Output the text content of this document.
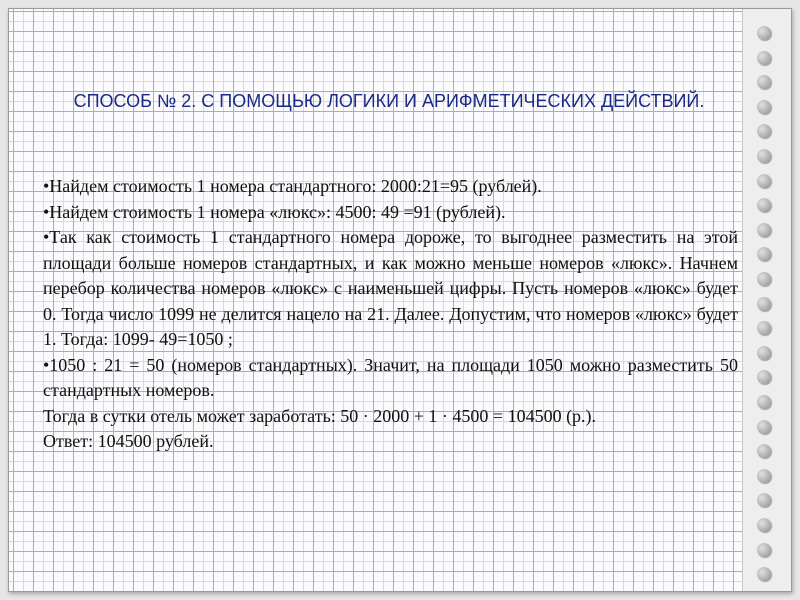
СПОСОБ № 2. С ПОМОЩЬЮ ЛОГИКИ И АРИФМЕТИЧЕСКИХ ДЕЙСТВИЙ.

•Найдем стоимость 1 номера стандартного: 2000:21=95 (рублей).

•Найдем стоимость 1 номера «люкс»: 4500: 49 =91 (рублей).

•Так как стоимость 1 стандартного номера дороже, то выгоднее разместить на этой площади больше номеров стандартных, и как можно меньше номеров «люкс». Начнем перебор количества номеров «люкс» с наименьшей цифры. Пусть номеров «люкс» будет 0. Тогда число 1099 не делится нацело на 21. Далее. Допустим, что номеров «люкс» будет 1. Тогда: 1099- 49=1050 ;

•1050 : 21 = 50 (номеров стандартных). Значит, на площади 1050 можно разместить 50 стандартных номеров.

Тогда в сутки отель может заработать: 50 · 2000 + 1 · 4500 = 104500 (р.).

Ответ: 104500 рублей.
